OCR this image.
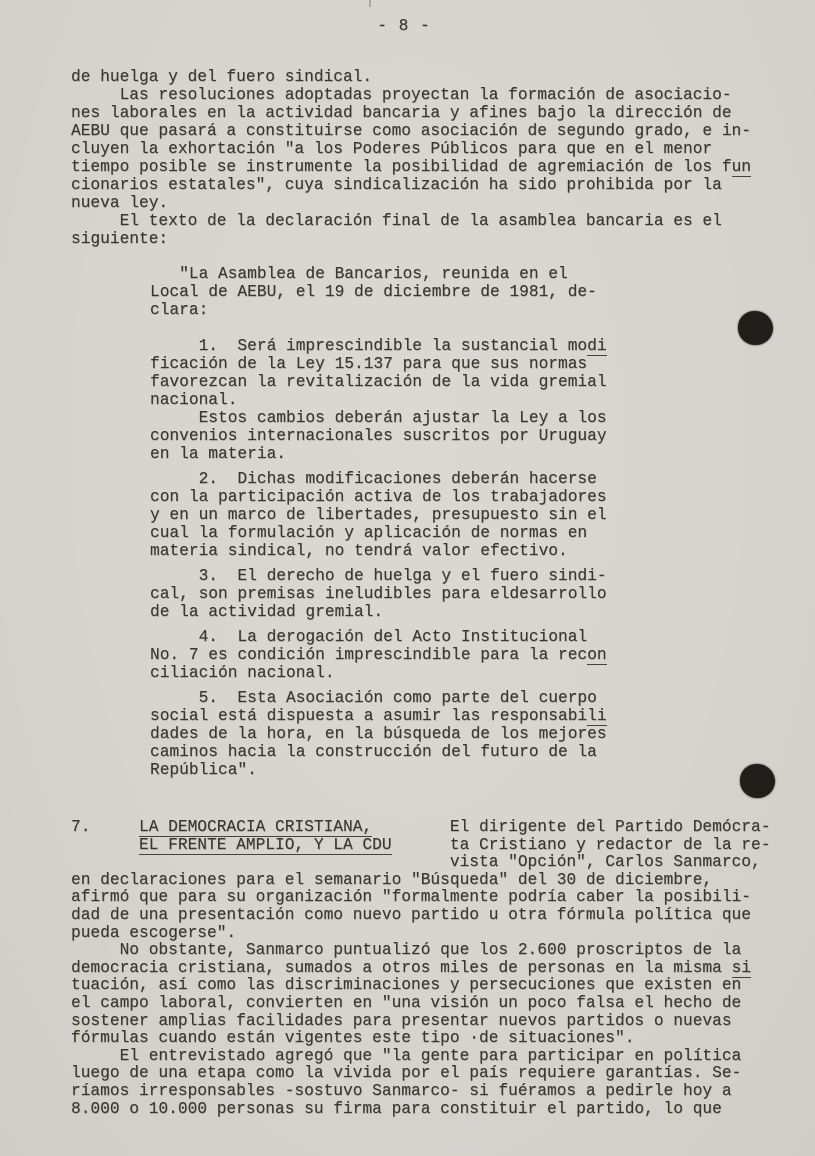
- 8 -
de huelga y del fuero sindical.
Las resoluciones adoptadas proyectan la formación de asociacio-
nes laborales en la actividad bancaria y afines bajo la dirección de
AEBU que pasará a constituirse como asociación de segundo grado, e in-
cluyen la exhortación "a los Poderes Públicos para que en el menor
tiempo posible se instrumente la posibilidad de agremiación de los fun
cionarios estatales", cuya sindicalización ha sido prohibida por la
nueva ley.
El texto de la declaración final de la asamblea bancaria es el
siguiente:
"La Asamblea de Bancarios, reunida en el
Local de AEBU, el 19 de diciembre de 1981, de-
clara:
1.  Será imprescindible la sustancial modi
ficación de la Ley 15.137 para que sus normas
favorezcan la revitalización de la vida gremial
nacional.
Estos cambios deberán ajustar la Ley a los
convenios internacionales suscritos por Uruguay
en la materia.
2.  Dichas modificaciones deberán hacerse
con la participación activa de los trabajadores
y en un marco de libertades, presupuesto sin el
cual la formulación y aplicación de normas en
materia sindical, no tendrá valor efectivo.
3.  El derecho de huelga y el fuero sindi-
cal, son premisas ineludibles para eldesarrollo
de la actividad gremial.
4.  La derogación del Acto Institucional
No. 7 es condición imprescindible para la recon
ciliación nacional.
5.  Esta Asociación como parte del cuerpo
social está dispuesta a asumir las responsabili
dades de la hora, en la búsqueda de los mejores
caminos hacia la construcción del futuro de la
República".
7.     LA DEMOCRACIA CRISTIANA,	El dirigente del Partido Demócra-
EL FRENTE AMPLIO, Y LA CDU	ta Cristiano y redactor de la re-
vista "Opción", Carlos Sanmarco,
en declaraciones para el semanario "Búsqueda" del 30 de diciembre,
afirmó que para su organización "formalmente podría caber la posibili-
dad de una presentación como nuevo partido u otra fórmula política que
pueda escogerse".
No obstante, Sanmarco puntualizó que los 2.600 proscriptos de la
democracia cristiana, sumados a otros miles de personas en la misma si
tuación, así como las discriminaciones y persecuciones que existen en
el campo laboral, convierten en "una visión un poco falsa el hecho de
sostener amplias facilidades para presentar nuevos partidos o nuevas
fórmulas cuando están vigentes este tipo ·de situaciones".
El entrevistado agregó que "la gente para participar en política
luego de una etapa como la vivida por el país requiere garantías. Se-
ríamos irresponsables -sostuvo Sanmarco- si fuéramos a pedirle hoy a
8.000 o 10.000 personas su firma para constituir el partido, lo que
